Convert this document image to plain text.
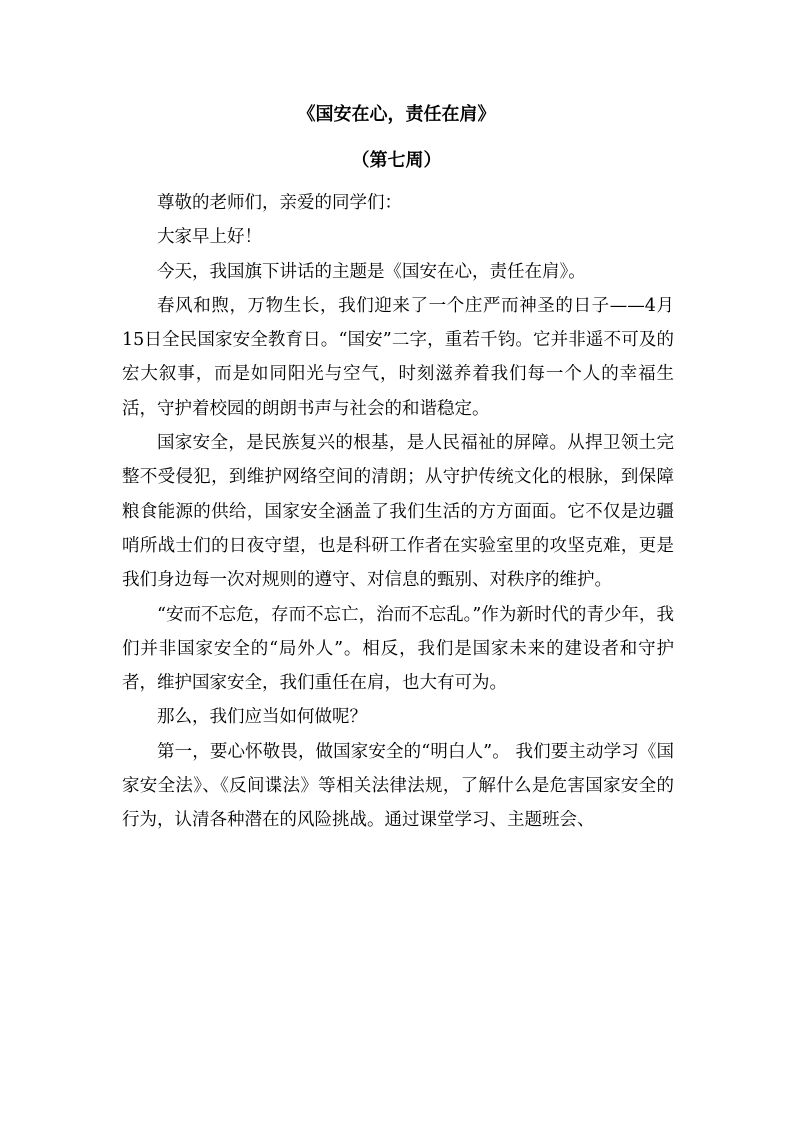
《国安在心，责任在肩》
（第七周）

尊敬的老师们，亲爱的同学们：

大家早上好！

今天，我国旗下讲话的主题是《国安在心，责任在肩》。

春风和煦，万物生长，我们迎来了一个庄严而神圣的日子——4月15日全民国家安全教育日。“国安”二字，重若千钧。它并非遥不可及的宏大叙事，而是如同阳光与空气，时刻滋养着我们每一个人的幸福生活，守护着校园的朗朗书声与社会的和谐稳定。

国家安全，是民族复兴的根基，是人民福祉的屏障。从捍卫领土完整不受侵犯，到维护网络空间的清朗；从守护传统文化的根脉，到保障粮食能源的供给，国家安全涵盖了我们生活的方方面面。它不仅是边疆哨所战士们的日夜守望，也是科研工作者在实验室里的攻坚克难，更是我们身边每一次对规则的遵守、对信息的甄别、对秩序的维护。

“安而不忘危，存而不忘亡，治而不忘乱。”作为新时代的青少年，我们并非国家安全的“局外人”。相反，我们是国家未来的建设者和守护者，维护国家安全，我们重任在肩，也大有可为。

那么，我们应当如何做呢？

第一，要心怀敬畏，做国家安全的“明白人”。 我们要主动学习《国家安全法》、《反间谍法》等相关法律法规，了解什么是危害国家安全的行为，认清各种潜在的风险挑战。通过课堂学习、主题班会、
